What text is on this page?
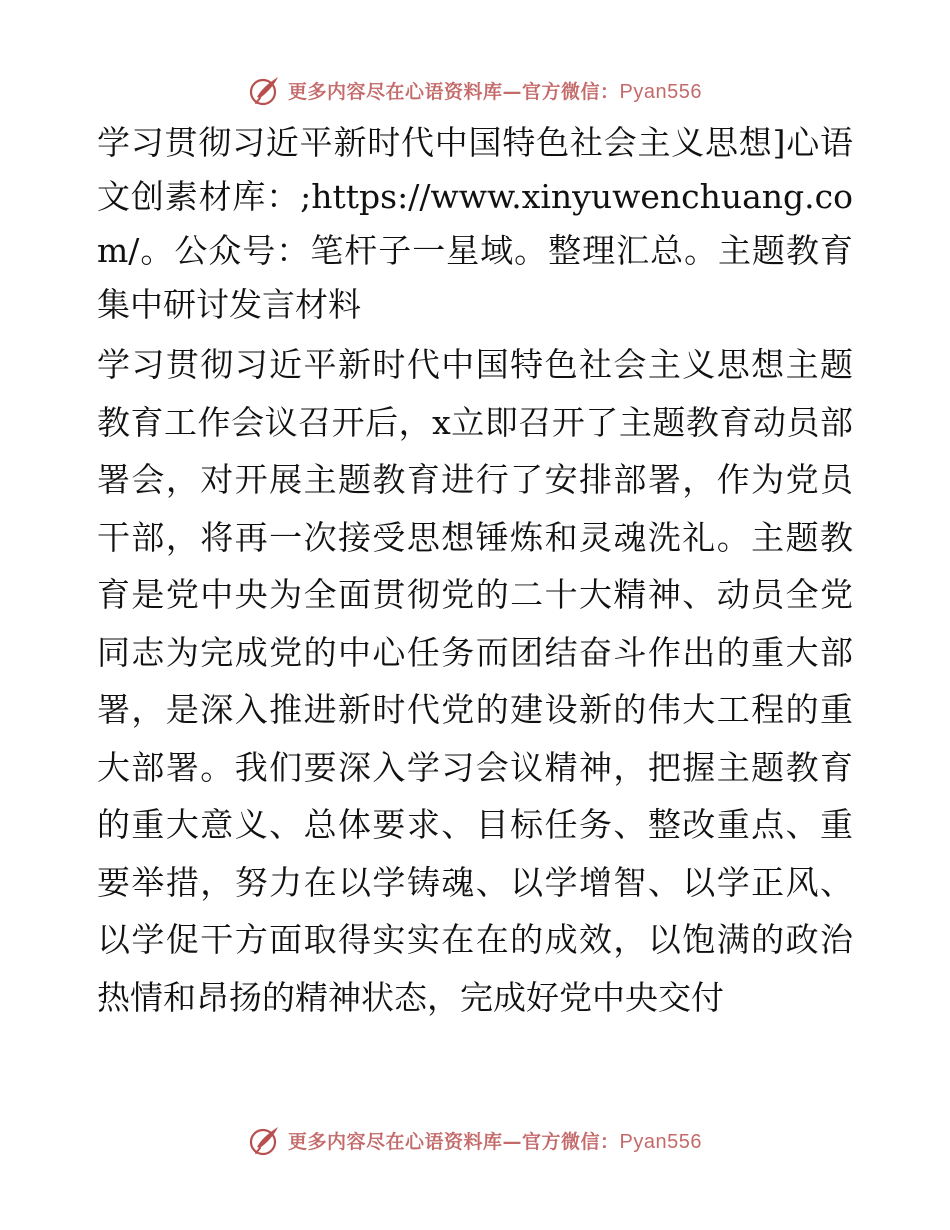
更多内容尽在心语资料库—官方微信：Pyan556

学习贯彻习近平新时代中国特色社会主义思想]心语文创素材库：;https://www.xinyuwenchuang.com/。公众号：笔杆子一星域。整理汇总。主题教育集中研讨发言材料

学习贯彻习近平新时代中国特色社会主义思想主题教育工作会议召开后，x立即召开了主题教育动员部署会，对开展主题教育进行了安排部署，作为党员干部，将再一次接受思想锤炼和灵魂洗礼。主题教育是党中央为全面贯彻党的二十大精神、动员全党同志为完成党的中心任务而团结奋斗作出的重大部署，是深入推进新时代党的建设新的伟大工程的重大部署。我们要深入学习会议精神，把握主题教育的重大意义、总体要求、目标任务、整改重点、重要举措，努力在以学铸魂、以学增智、以学正风、以学促干方面取得实实在在的成效，以饱满的政治热情和昂扬的精神状态，完成好党中央交付

更多内容尽在心语资料库—官方微信：Pyan556
